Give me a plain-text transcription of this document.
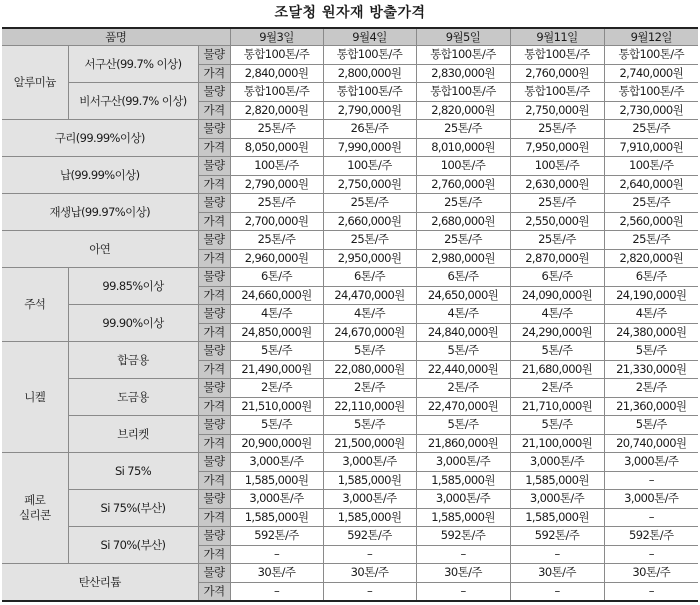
조달청 원자재 방출가격
품명			9월3일	9월4일	9월5일	9월11일	9월12일
알루미늄	서구산(99.7% 이상)	물량	통합100톤/주	통합100톤/주	통합100톤/주	통합100톤/주	통합100톤/주
		가격	2,840,000원	2,800,000원	2,830,000원	2,760,000원	2,740,000원
	비서구산(99.7% 이상)	물량	통합100톤/주	통합100톤/주	통합100톤/주	통합100톤/주	통합100톤/주
		가격	2,820,000원	2,790,000원	2,820,000원	2,750,000원	2,730,000원
구리(99.99%이상)		물량	25톤/주	26톤/주	25톤/주	25톤/주	25톤/주
		가격	8,050,000원	7,990,000원	8,010,000원	7,950,000원	7,910,000원
납(99.99%이상)		물량	100톤/주	100톤/주	100톤/주	100톤/주	100톤/주
		가격	2,790,000원	2,750,000원	2,760,000원	2,630,000원	2,640,000원
재생납(99.97%이상)		물량	25톤/주	25톤/주	25톤/주	25톤/주	25톤/주
		가격	2,700,000원	2,660,000원	2,680,000원	2,550,000원	2,560,000원
아연		물량	25톤/주	25톤/주	25톤/주	25톤/주	25톤/주
		가격	2,960,000원	2,950,000원	2,980,000원	2,870,000원	2,820,000원
주석	99.85%이상	물량	6톤/주	6톤/주	6톤/주	6톤/주	6톤/주
		가격	24,660,000원	24,470,000원	24,650,000원	24,090,000원	24,190,000원
	99.90%이상	물량	4톤/주	4톤/주	4톤/주	4톤/주	4톤/주
		가격	24,850,000원	24,670,000원	24,840,000원	24,290,000원	24,380,000원
니켈	합금용	물량	5톤/주	5톤/주	5톤/주	5톤/주	5톤/주
		가격	21,490,000원	22,080,000원	22,440,000원	21,680,000원	21,330,000원
	도금용	물량	2톤/주	2톤/주	2톤/주	2톤/주	2톤/주
		가격	21,510,000원	22,110,000원	22,470,000원	21,710,000원	21,360,000원
	브리켓	물량	5톤/주	5톤/주	5톤/주	5톤/주	5톤/주
		가격	20,900,000원	21,500,000원	21,860,000원	21,100,000원	20,740,000원
페로
실리콘	Si 75%	물량	3,000톤/주	3,000톤/주	3,000톤/주	3,000톤/주	3,000톤/주
		가격	1,585,000원	1,585,000원	1,585,000원	1,585,000원	–
	Si 75%(부산)	물량	3,000톤/주	3,000톤/주	3,000톤/주	3,000톤/주	3,000톤/주
		가격	1,585,000원	1,585,000원	1,585,000원	1,585,000원	–
	Si 70%(부산)	물량	592톤/주	592톤/주	592톤/주	592톤/주	592톤/주
		가격	–	–	–	–	–
탄산리튬		물량	30톤/주	30톤/주	30톤/주	30톤/주	30톤/주
		가격	–	–	–	–	–
